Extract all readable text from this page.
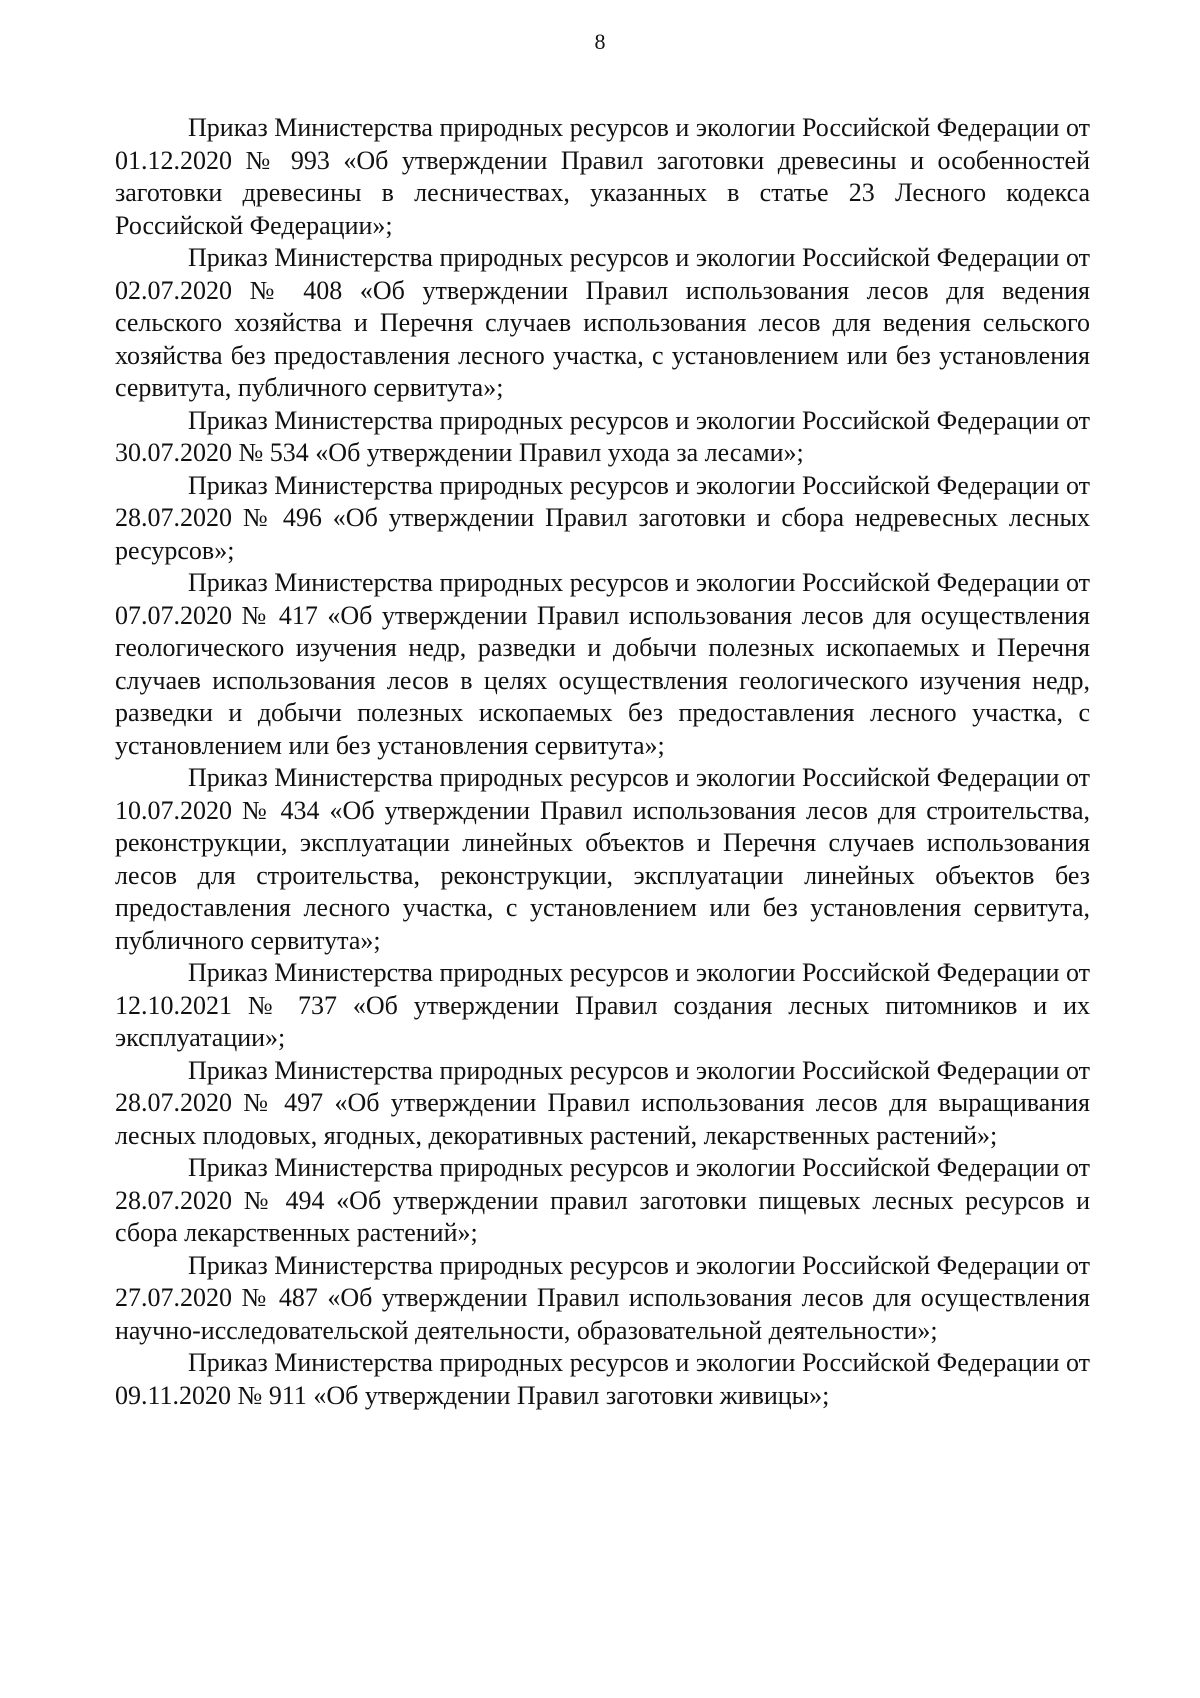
8

Приказ Министерства природных ресурсов и экологии Российской Федерации от 01.12.2020 № 993 «Об утверждении Правил заготовки древесины и особенностей заготовки древесины в лесничествах, указанных в статье 23 Лесного кодекса Российской Федерации»;

Приказ Министерства природных ресурсов и экологии Российской Федерации от 02.07.2020 № 408 «Об утверждении Правил использования лесов для ведения сельского хозяйства и Перечня случаев использования лесов для ведения сельского хозяйства без предоставления лесного участка, с установлением или без установления сервитута, публичного сервитута»;

Приказ Министерства природных ресурсов и экологии Российской Федерации от 30.07.2020 № 534 «Об утверждении Правил ухода за лесами»;

Приказ Министерства природных ресурсов и экологии Российской Федерации от 28.07.2020 № 496 «Об утверждении Правил заготовки и сбора недревесных лесных ресурсов»;

Приказ Министерства природных ресурсов и экологии Российской Федерации от 07.07.2020 № 417 «Об утверждении Правил использования лесов для осуществления геологического изучения недр, разведки и добычи полезных ископаемых и Перечня случаев использования лесов в целях осуществления геологического изучения недр, разведки и добычи полезных ископаемых без предоставления лесного участка, с установлением или без установления сервитута»;

Приказ Министерства природных ресурсов и экологии Российской Федерации от 10.07.2020 № 434 «Об утверждении Правил использования лесов для строительства, реконструкции, эксплуатации линейных объектов и Перечня случаев использования лесов для строительства, реконструкции, эксплуатации линейных объектов без предоставления лесного участка, с установлением или без установления сервитута, публичного сервитута»;

Приказ Министерства природных ресурсов и экологии Российской Федерации от 12.10.2021 № 737 «Об утверждении Правил создания лесных питомников и их эксплуатации»;

Приказ Министерства природных ресурсов и экологии Российской Федерации от 28.07.2020 № 497 «Об утверждении Правил использования лесов для выращивания лесных плодовых, ягодных, декоративных растений, лекарственных растений»;

Приказ Министерства природных ресурсов и экологии Российской Федерации от 28.07.2020 № 494 «Об утверждении правил заготовки пищевых лесных ресурсов и сбора лекарственных растений»;

Приказ Министерства природных ресурсов и экологии Российской Федерации от 27.07.2020 № 487 «Об утверждении Правил использования лесов для осуществления научно-исследовательской деятельности, образовательной деятельности»;

Приказ Министерства природных ресурсов и экологии Российской Федерации от 09.11.2020 № 911 «Об утверждении Правил заготовки живицы»;
